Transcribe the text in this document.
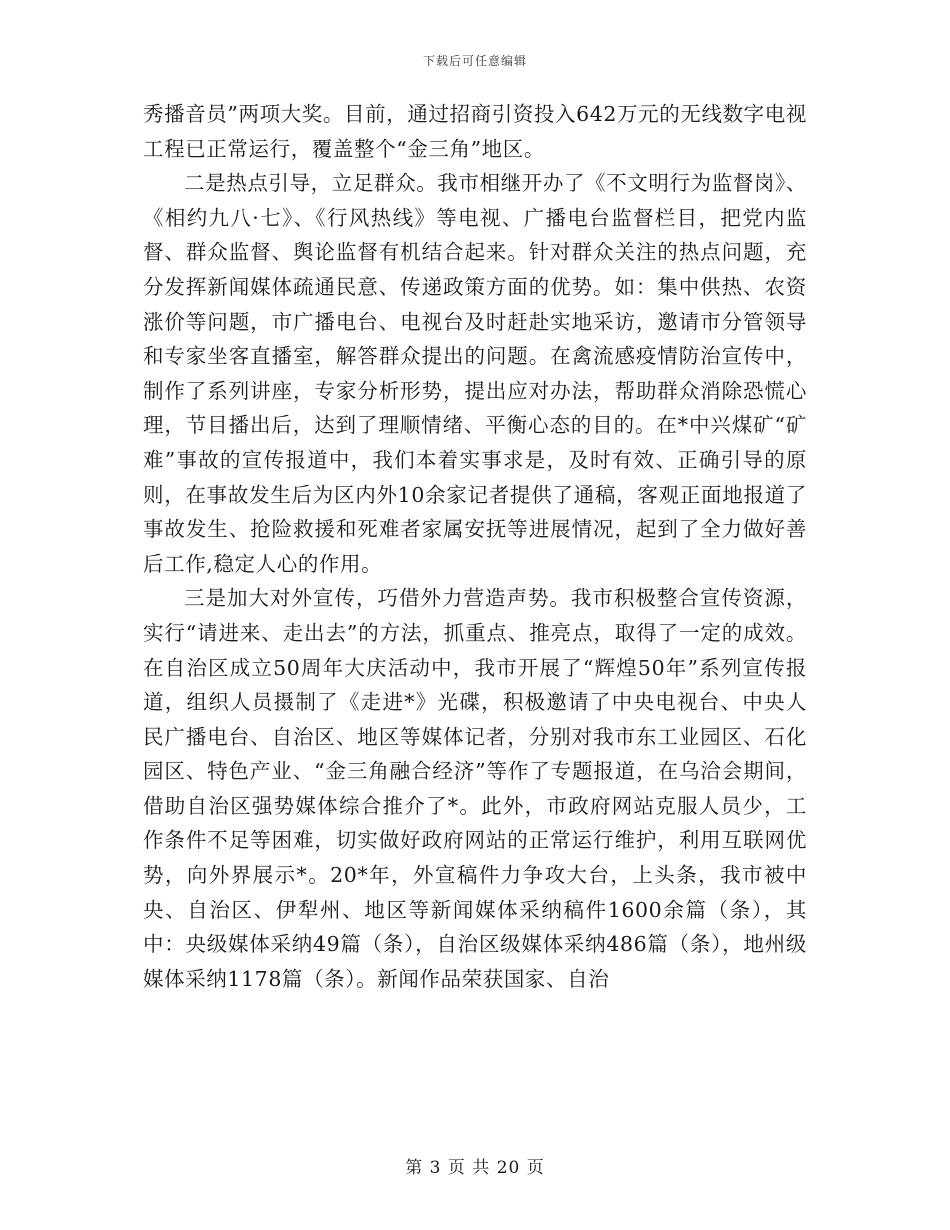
下载后可任意编辑

秀播音员”两项大奖。目前，通过招商引资投入642万元的无线数字电视工程已正常运行，覆盖整个“金三角”地区。

二是热点引导，立足群众。我市相继开办了《不文明行为监督岗》、《相约九八·七》、《行风热线》等电视、广播电台监督栏目，把党内监督、群众监督、舆论监督有机结合起来。针对群众关注的热点问题，充分发挥新闻媒体疏通民意、传递政策方面的优势。如：集中供热、农资涨价等问题，市广播电台、电视台及时赶赴实地采访，邀请市分管领导和专家坐客直播室，解答群众提出的问题。在禽流感疫情防治宣传中，制作了系列讲座，专家分析形势，提出应对办法，帮助群众消除恐慌心理，节目播出后，达到了理顺情绪、平衡心态的目的。在*中兴煤矿“矿难”事故的宣传报道中，我们本着实事求是，及时有效、正确引导的原则，在事故发生后为区内外10余家记者提供了通稿，客观正面地报道了事故发生、抢险救援和死难者家属安抚等进展情况，起到了全力做好善后工作,稳定人心的作用。

三是加大对外宣传，巧借外力营造声势。我市积极整合宣传资源，实行“请进来、走出去”的方法，抓重点、推亮点，取得了一定的成效。在自治区成立50周年大庆活动中，我市开展了“辉煌50年”系列宣传报道，组织人员摄制了《走进*》光碟，积极邀请了中央电视台、中央人民广播电台、自治区、地区等媒体记者，分别对我市东工业园区、石化园区、特色产业、“金三角融合经济”等作了专题报道，在乌洽会期间，借助自治区强势媒体综合推介了*。此外，市政府网站克服人员少，工作条件不足等困难，切实做好政府网站的正常运行维护，利用互联网优势，向外界展示*。20*年，外宣稿件力争攻大台，上头条，我市被中央、自治区、伊犁州、地区等新闻媒体采纳稿件1600余篇（条），其中：央级媒体采纳49篇（条），自治区级媒体采纳486篇（条），地州级媒体采纳1178篇（条）。新闻作品荣获国家、自治

第 3 页 共 20 页
